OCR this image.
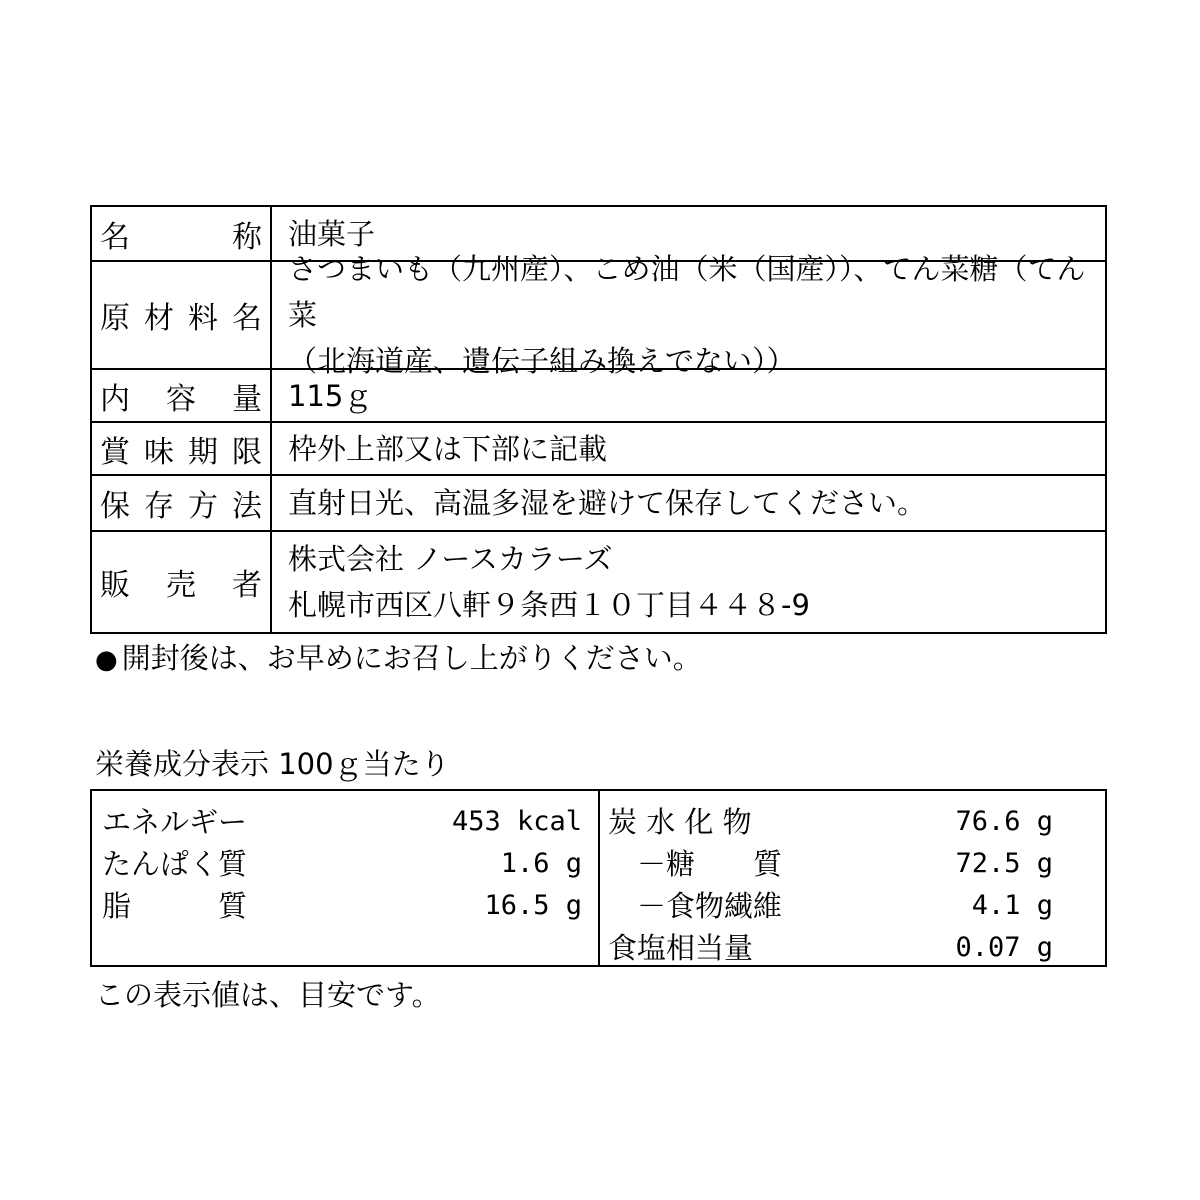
名　　　称 油菓子
原材料名
さつまいも（九州産）、こめ油（米（国産））、てん菜糖（てん菜
（北海道産、遺伝子組み換えでない））
内　容　量 115ｇ
賞味期限 枠外上部又は下部に記載
保存方法 直射日光、高温多湿を避けて保存してください。
販　売　者
株式会社 ノースカラーズ
札幌市西区八軒９条西１０丁目４４８-9
● 開封後は、お早めにお召し上がりください。
栄養成分表示 100ｇ当たり
エネルギー	453 kcal
たんぱく質	1.6 g
脂　　　質	16.5 g
炭 水 化 物	76.6 g
　－糖　　質	72.5 g
　－食物繊維	4.1 g
食塩相当量	0.07 g
この表示値は、目安です。
